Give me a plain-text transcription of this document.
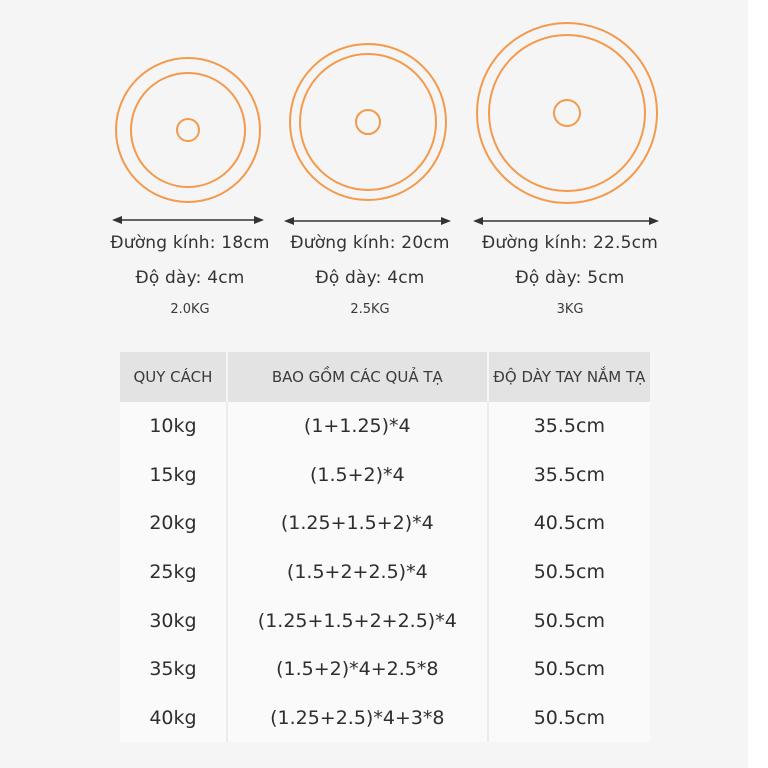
Đường kính: 18cm
Độ dày: 4cm
2.0KG
Đường kính: 20cm
Độ dày: 4cm
2.5KG
Đường kính: 22.5cm
Độ dày: 5cm
3KG
QUY CÁCH	BAO GỒM CÁC QUẢ TẠ	ĐỘ DÀY TAY NẮM TẠ
10kg	(1+1.25)*4	35.5cm
15kg	(1.5+2)*4	35.5cm
20kg	(1.25+1.5+2)*4	40.5cm
25kg	(1.5+2+2.5)*4	50.5cm
30kg	(1.25+1.5+2+2.5)*4	50.5cm
35kg	(1.5+2)*4+2.5*8	50.5cm
40kg	(1.25+2.5)*4+3*8	50.5cm
